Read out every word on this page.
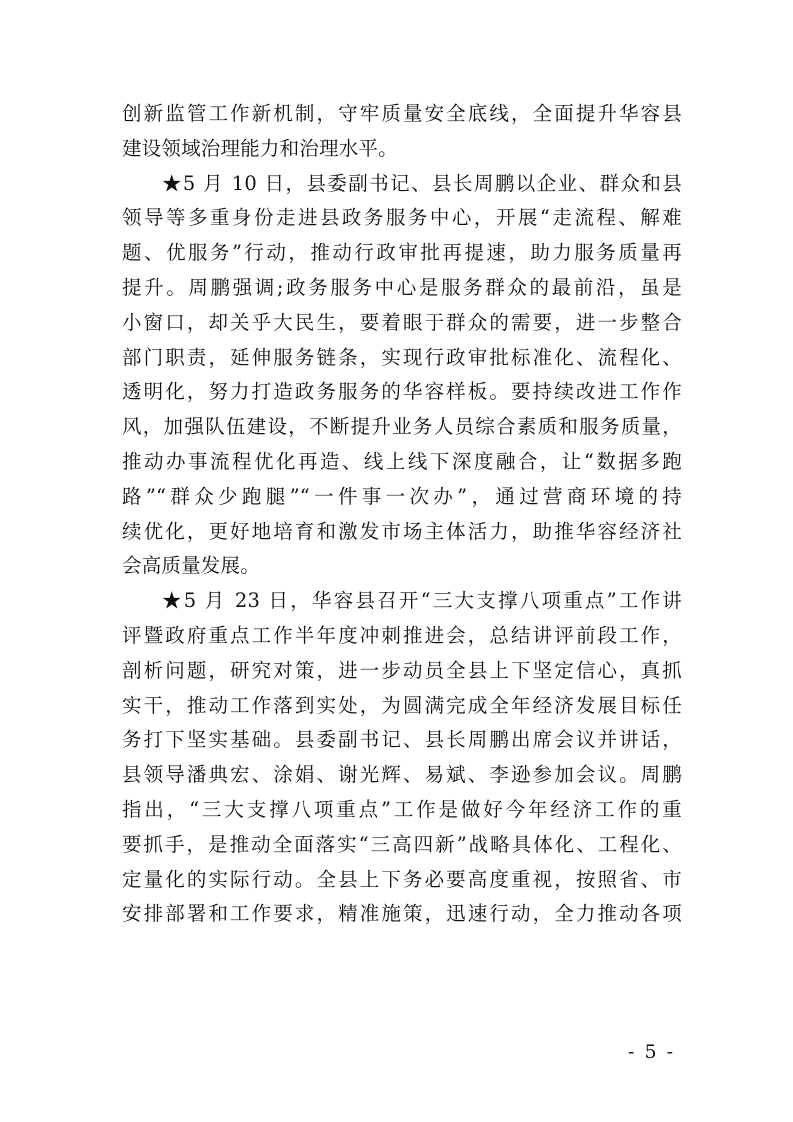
创新监管工作新机制，守牢质量安全底线，全面提升华容县
建设领域治理能力和治理水平。
★5 月 10 日，县委副书记、县长周鹏以企业、群众和县
领导等多重身份走进县政务服务中心，开展“走流程、解难
题、优服务”行动，推动行政审批再提速，助力服务质量再
提升。周鹏强调;政务服务中心是服务群众的最前沿，虽是
小窗口，却关乎大民生，要着眼于群众的需要，进一步整合
部门职责，延伸服务链条，实现行政审批标准化、流程化、
透明化，努力打造政务服务的华容样板。要持续改进工作作
风，加强队伍建设，不断提升业务人员综合素质和服务质量，
推动办事流程优化再造、线上线下深度融合，让“数据多跑
路”“群众少跑腿”“一件事一次办”，通过营商环境的持
续优化，更好地培育和激发市场主体活力，助推华容经济社
会高质量发展。
★5 月 23 日，华容县召开“三大支撑八项重点”工作讲
评暨政府重点工作半年度冲刺推进会，总结讲评前段工作，
剖析问题，研究对策，进一步动员全县上下坚定信心，真抓
实干，推动工作落到实处，为圆满完成全年经济发展目标任
务打下坚实基础。县委副书记、县长周鹏出席会议并讲话，
县领导潘典宏、涂娟、谢光辉、易斌、李逊参加会议。周鹏
指出，“三大支撑八项重点”工作是做好今年经济工作的重
要抓手，是推动全面落实“三高四新”战略具体化、工程化、
定量化的实际行动。全县上下务必要高度重视，按照省、市
安排部署和工作要求，精准施策，迅速行动，全力推动各项
- 5 -
